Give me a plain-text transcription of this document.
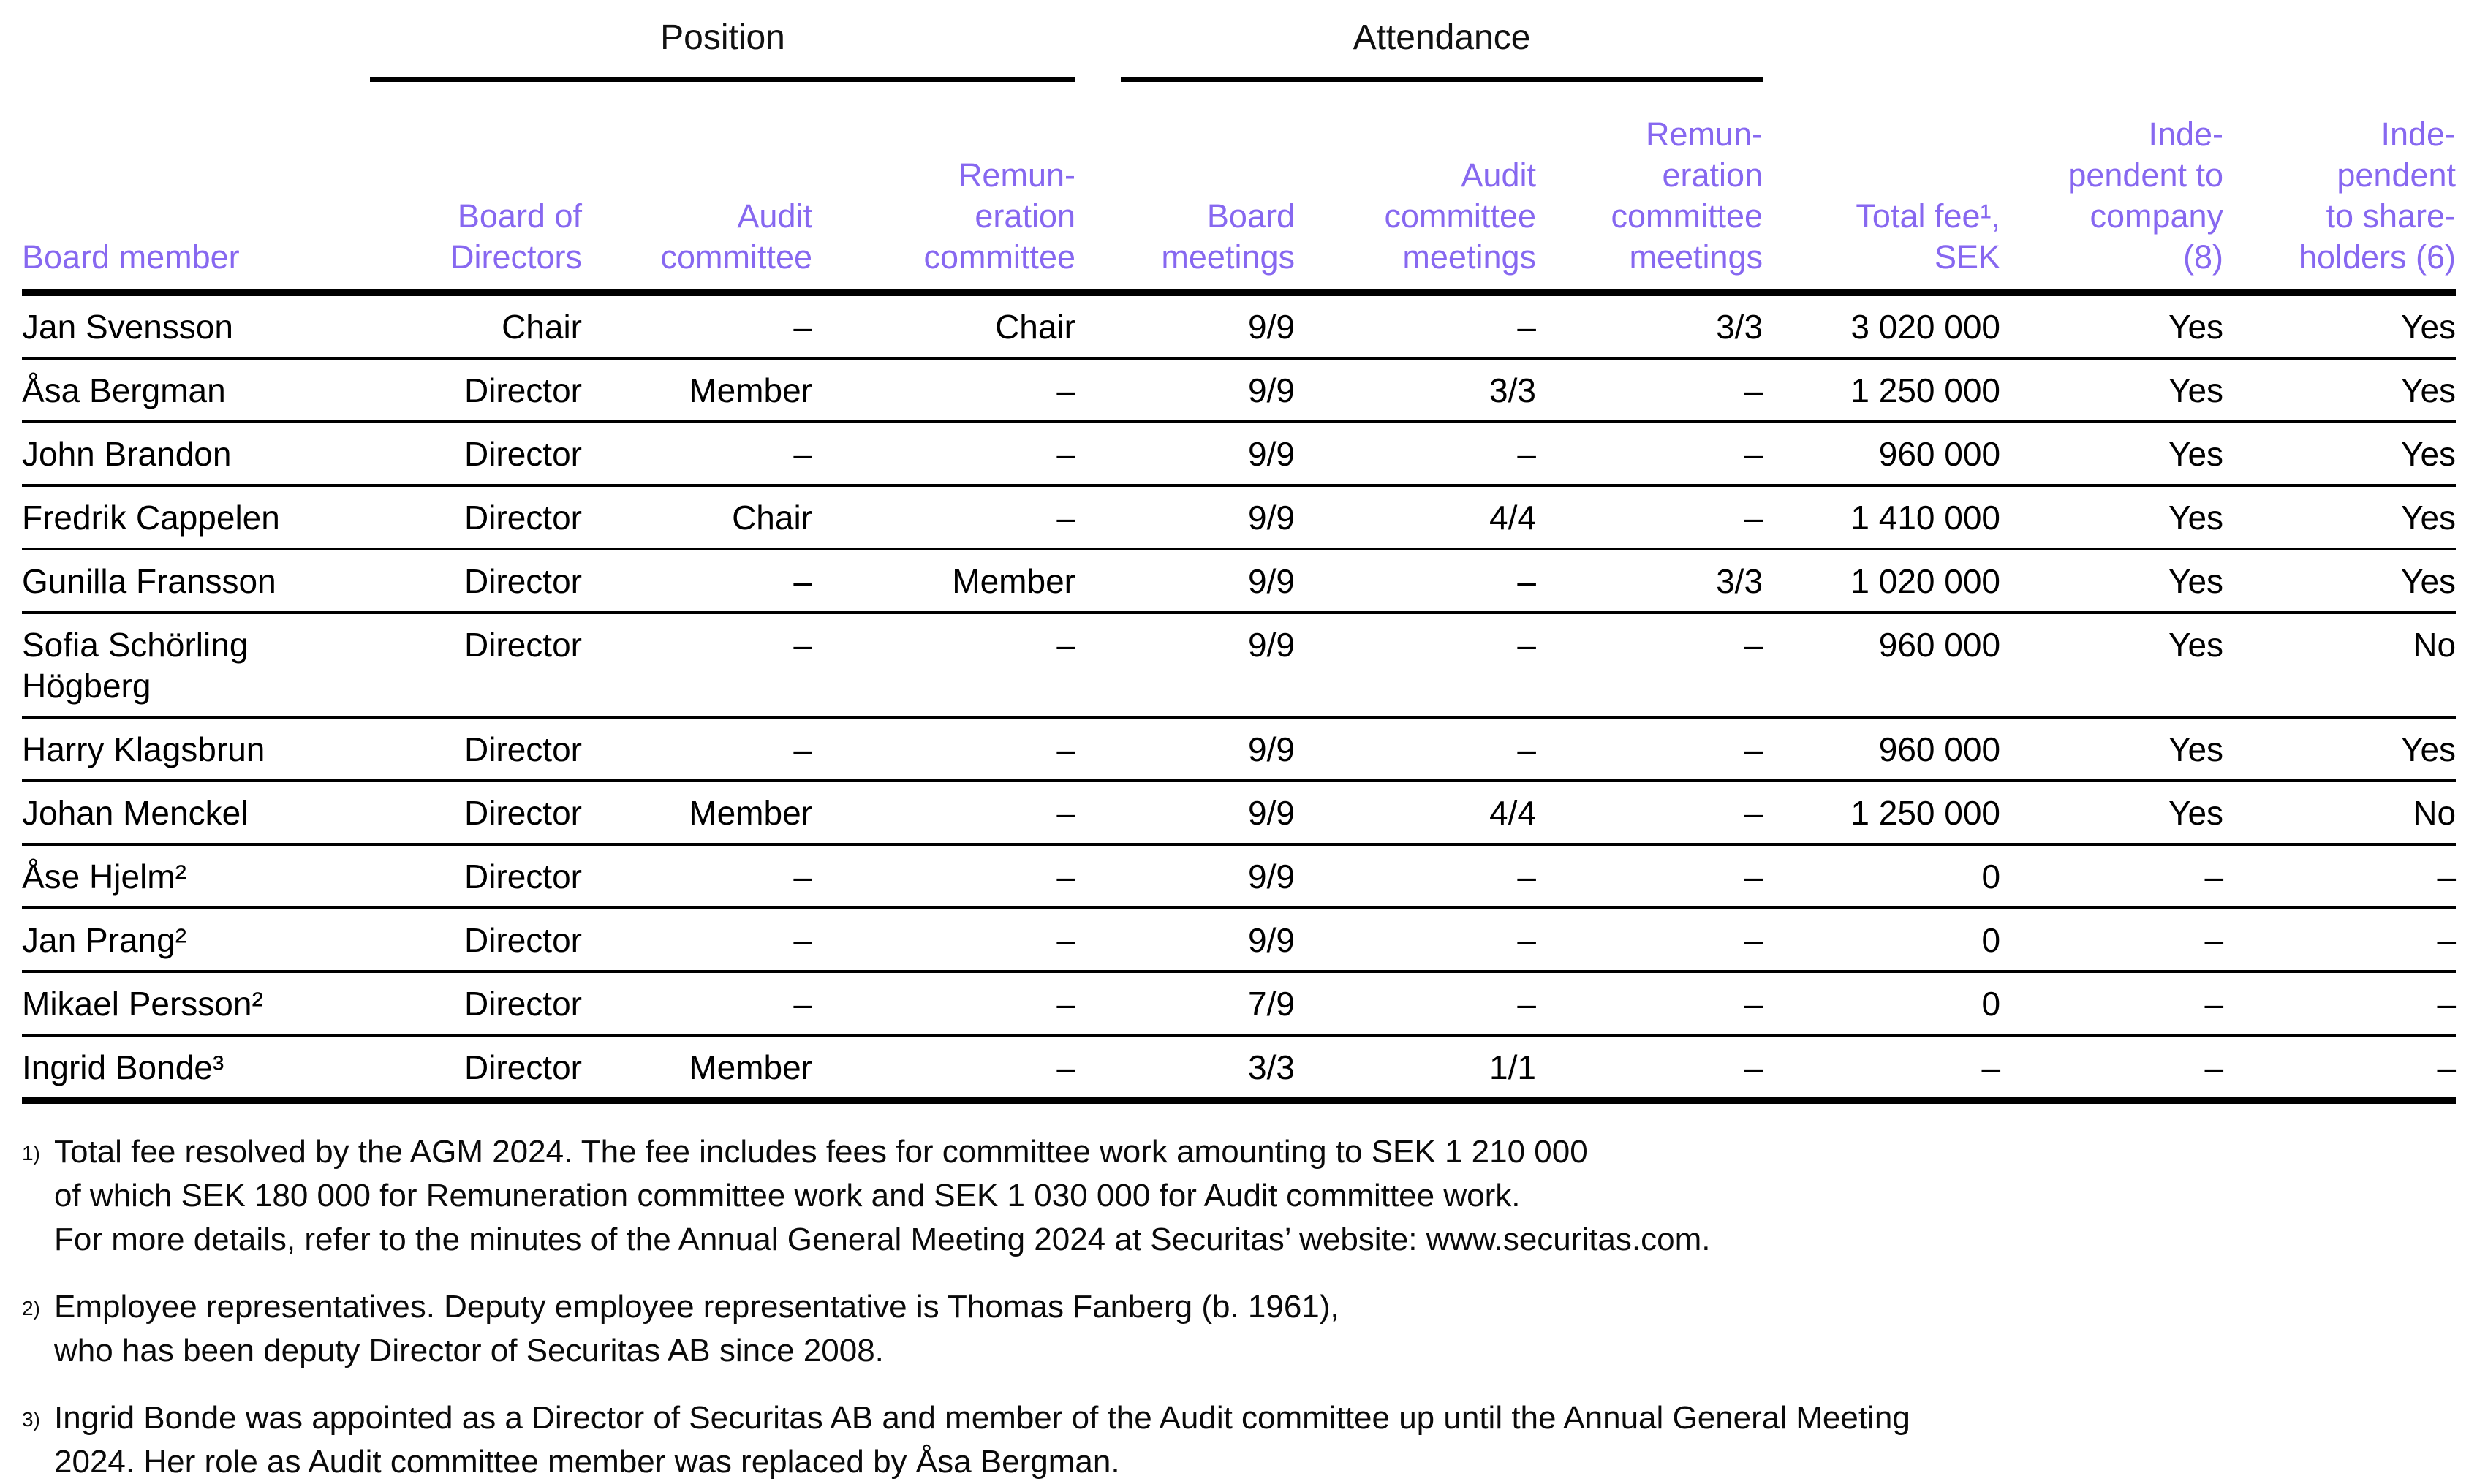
	Position			Attendance					

Board member

Board of
Directors

Audit
committee

Remun-
eration
committee

Board
meetings

Audit
committee
meetings

Remun-
eration
committee
meetings

Total fee¹,
SEK

Inde-
pendent to
company
(8)

Inde-
pendent
to share-
holders (6)

Jan Svensson	Chair	–	Chair	9/9	–	3/3	3 020 000	Yes	Yes
Åsa Bergman	Director	Member	–	9/9	3/3	–	1 250 000	Yes	Yes
John Brandon	Director	–	–	9/9	–	–	960 000	Yes	Yes
Fredrik Cappelen	Director	Chair	–	9/9	4/4	–	1 410 000	Yes	Yes
Gunilla Fransson	Director	–	Member	9/9	–	3/3	1 020 000	Yes	Yes
Sofia Schörling Högberg	Director	–	–	9/9	–	–	960 000	Yes	No
Harry Klagsbrun	Director	–	–	9/9	–	–	960 000	Yes	Yes
Johan Menckel	Director	Member	–	9/9	4/4	–	1 250 000	Yes	No
Åse Hjelm²	Director	–	–	9/9	–	–	0	–	–
Jan Prang²	Director	–	–	9/9	–	–	0	–	–
Mikael Persson²	Director	–	–	7/9	–	–	0	–	–
Ingrid Bonde³	Director	Member	–	3/3	1/1	–	–	–	–
1) Total fee resolved by the AGM 2024. The fee includes fees for committee work amounting to SEK 1 210 000
of which SEK 180 000 for Remuneration committee work and SEK 1 030 000 for Audit committee work.
For more details, refer to the minutes of the Annual General Meeting 2024 at Securitas’ website: www.securitas.com.
2) Employee representatives. Deputy employee representative is Thomas Fanberg (b. 1961),
who has been deputy Director of Securitas AB since 2008.
3) Ingrid Bonde was appointed as a Director of Securitas AB and member of the Audit committee up until the Annual General Meeting
2024. Her role as Audit committee member was replaced by Åsa Bergman.
